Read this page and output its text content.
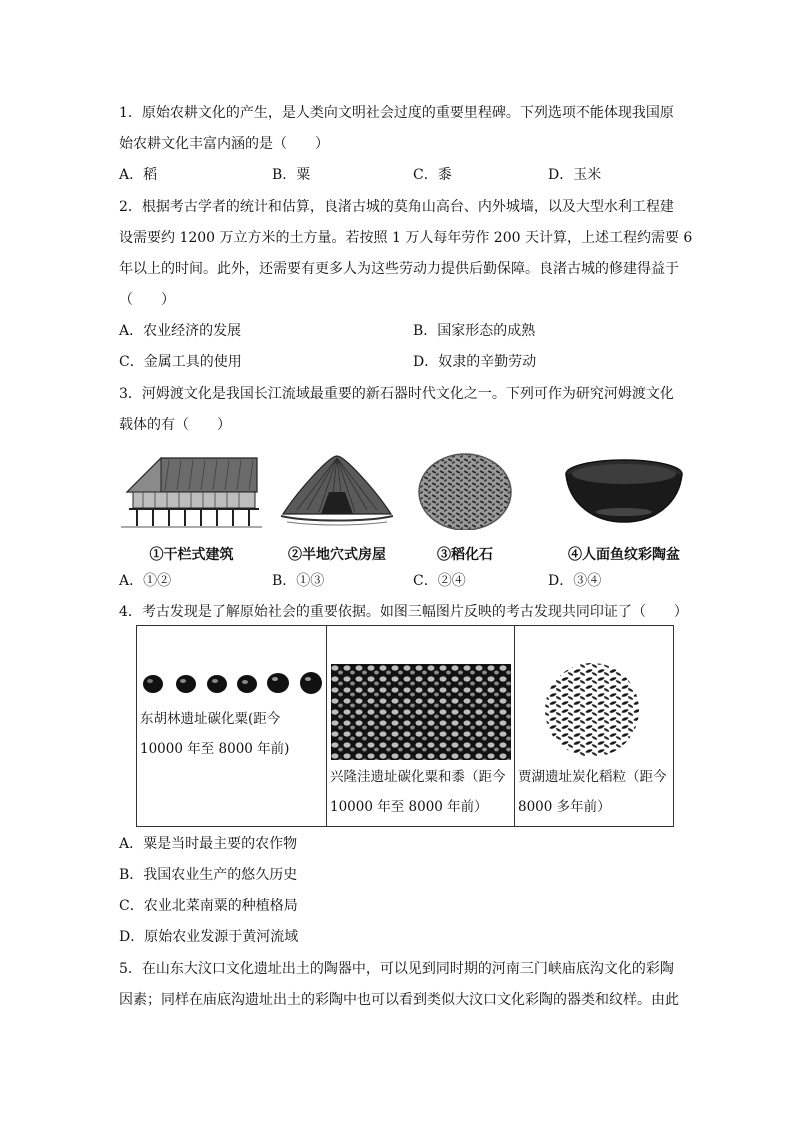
1．原始农耕文化的产生，是人类向文明社会过度的重要里程碑。下列选项不能体现我国原
始农耕文化丰富内涵的是（　　）
A．稻	B．粟	C．黍	D．玉米
2．根据考古学者的统计和估算，良渚古城的莫角山高台、内外城墙，以及大型水利工程建
设需要约 1200 万立方米的土方量。若按照 1 万人每年劳作 200 天计算，上述工程约需要 6
年以上的时间。此外，还需要有更多人为这些劳动力提供后勤保障。良渚古城的修建得益于
（　　）
A．农业经济的发展	B．国家形态的成熟
C．金属工具的使用	D．奴隶的辛勤劳动
3．河姆渡文化是我国长江流域最重要的新石器时代文化之一。下列可作为研究河姆渡文化
载体的有（　　）
①干栏式建筑	②半地穴式房屋	③稻化石	④人面鱼纹彩陶盆
A．①②	B．①③	C．②④	D．③④
4．考古发现是了解原始社会的重要依据。如图三幅图片反映的考古发现共同印证了（　　）
东胡林遗址碳化粟(距今 10000 年至 8000 年前)
兴隆洼遗址碳化粟和黍（距今 10000 年至 8000 年前）
贾湖遗址炭化稻粒（距今 8000 多年前）
A．粟是当时最主要的农作物
B．我国农业生产的悠久历史
C．农业北菜南粟的种植格局
D．原始农业发源于黄河流域
5．在山东大汶口文化遗址出土的陶器中，可以见到同时期的河南三门峡庙底沟文化的彩陶
因素；同样在庙底沟遗址出土的彩陶中也可以看到类似大汶口文化彩陶的器类和纹样。由此
